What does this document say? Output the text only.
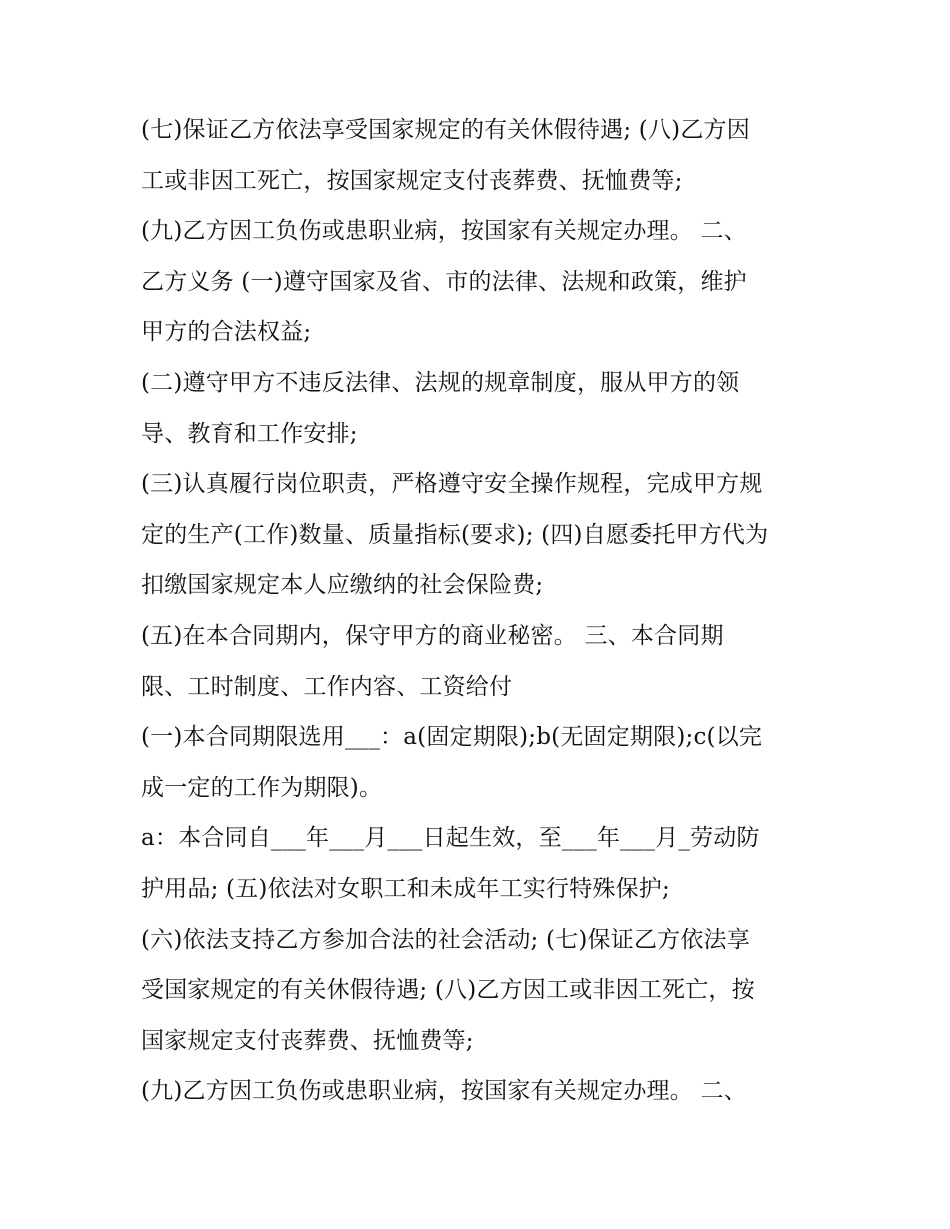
(七)保证乙方依法享受国家规定的有关休假待遇; (八)乙方因
工或非因工死亡，按国家规定支付丧葬费、抚恤费等;
(九)乙方因工负伤或患职业病，按国家有关规定办理。 二、
乙方义务 (一)遵守国家及省、市的法律、法规和政策，维护
甲方的合法权益;
(二)遵守甲方不违反法律、法规的规章制度，服从甲方的领
导、教育和工作安排;
(三)认真履行岗位职责，严格遵守安全操作规程，完成甲方规
定的生产(工作)数量、质量指标(要求); (四)自愿委托甲方代为
扣缴国家规定本人应缴纳的社会保险费;
(五)在本合同期内，保守甲方的商业秘密。 三、本合同期
限、工时制度、工作内容、工资给付
(一)本合同期限选用___：a(固定期限);b(无固定期限);c(以完
成一定的工作为期限)。
a：本合同自___年___月___日起生效，至___年___月_劳动防
护用品; (五)依法对女职工和未成年工实行特殊保护;
(六)依法支持乙方参加合法的社会活动; (七)保证乙方依法享
受国家规定的有关休假待遇; (八)乙方因工或非因工死亡，按
国家规定支付丧葬费、抚恤费等;
(九)乙方因工负伤或患职业病，按国家有关规定办理。 二、
